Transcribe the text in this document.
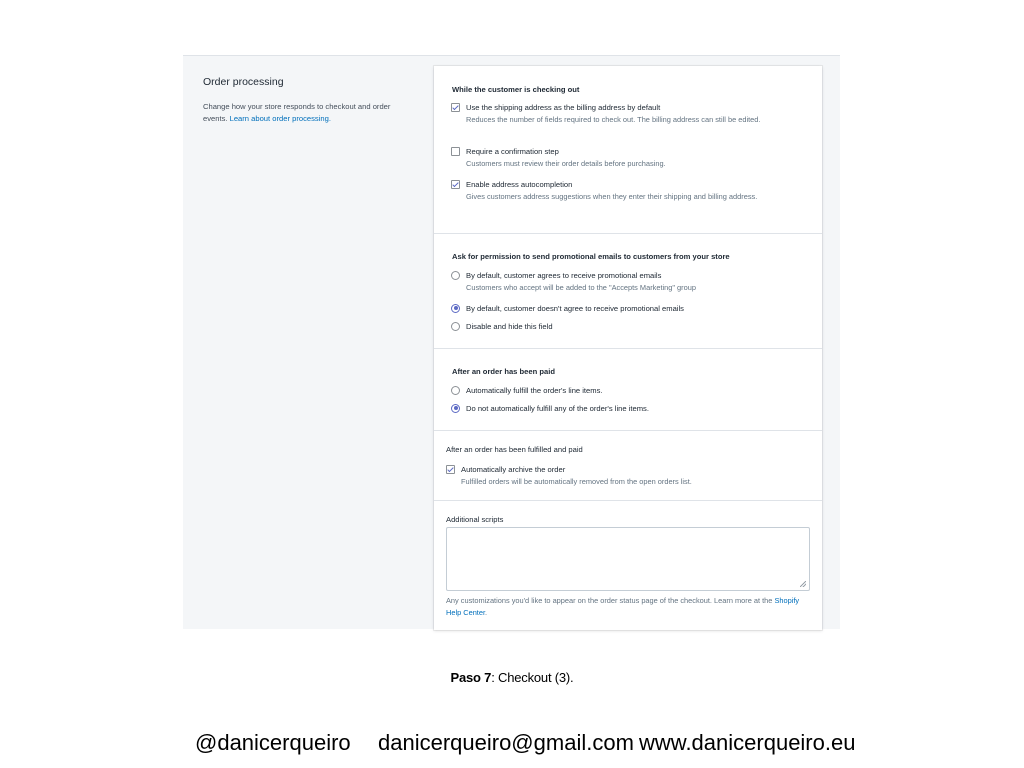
Order processing
Change how your store responds to checkout and order events. Learn about order processing.
While the customer is checking out
Use the shipping address as the billing address by default
Reduces the number of fields required to check out. The billing address can still be edited.
Require a confirmation step
Customers must review their order details before purchasing.
Enable address autocompletion
Gives customers address suggestions when they enter their shipping and billing address.
Ask for permission to send promotional emails to customers from your store
By default, customer agrees to receive promotional emails
Customers who accept will be added to the "Accepts Marketing" group
By default, customer doesn't agree to receive promotional emails
Disable and hide this field
After an order has been paid
Automatically fulfill the order's line items.
Do not automatically fulfill any of the order's line items.
After an order has been fulfilled and paid
Automatically archive the order
Fulfilled orders will be automatically removed from the open orders list.
Additional scripts
Any customizations you'd like to appear on the order status page of the checkout. Learn more at the Shopify Help Center.
Paso 7: Checkout (3).
@danicerqueiro danicerqueiro@gmail.com www.danicerqueiro.eu
